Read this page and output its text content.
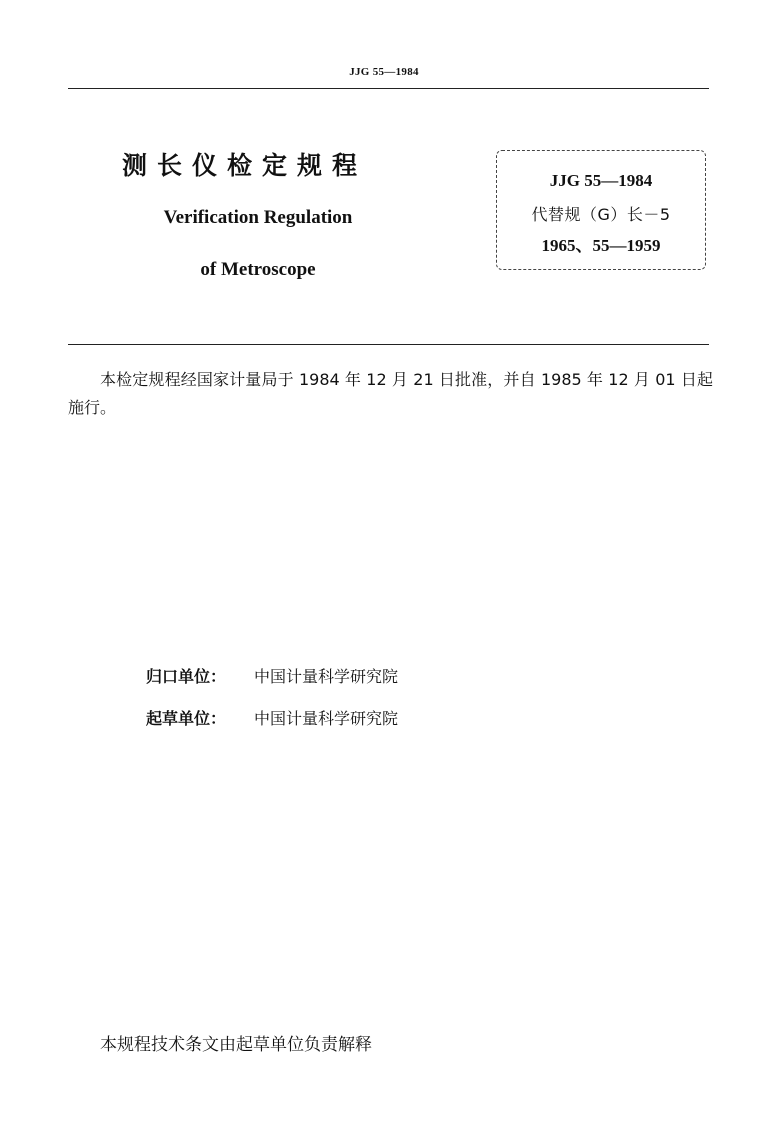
JJG 55—1984
测长仪检定规程
Verification Regulation
of Metroscope
JJG 55—1984
代替规（G）长－5
1965、55—1959
本检定规程经国家计量局于 1984 年 12 月 21 日批准，并自 1985 年 12 月 01 日起施行。
归口单位： 中国计量科学研究院
起草单位： 中国计量科学研究院
本规程技术条文由起草单位负责解释
